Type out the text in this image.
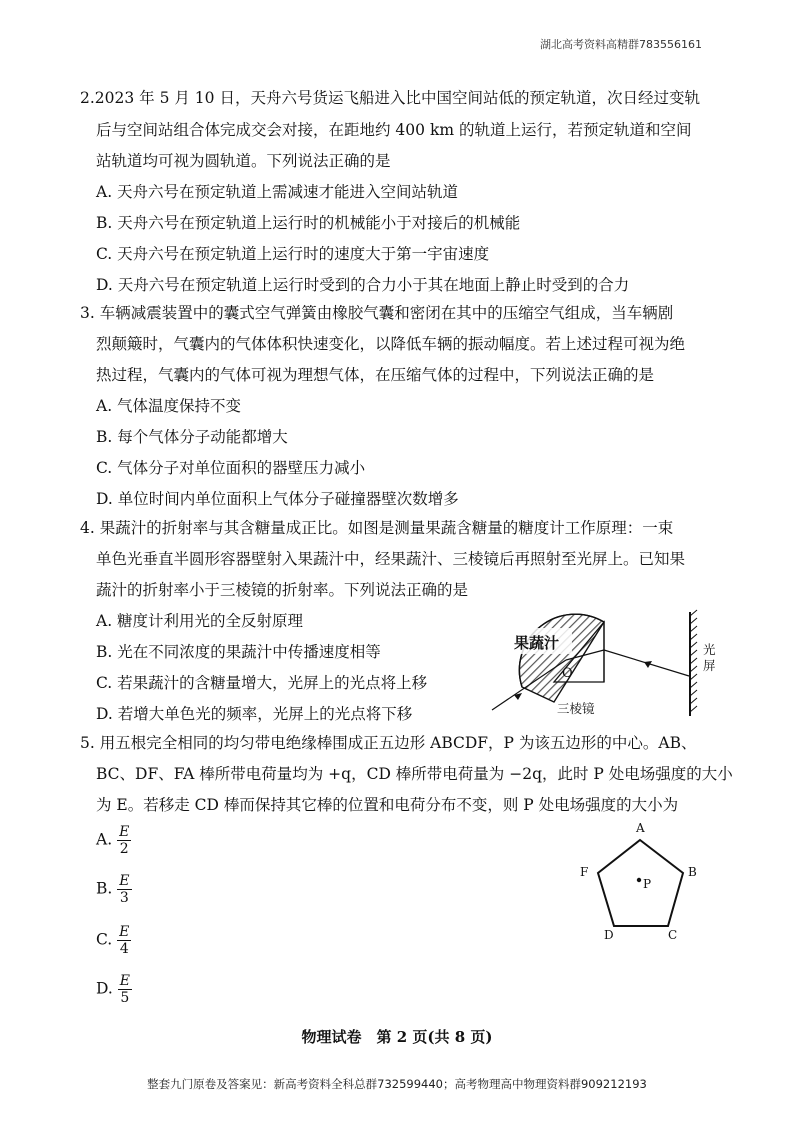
湖北高考资料高精群783556161
2.2023 年 5 月 10 日，天舟六号货运飞船进入比中国空间站低的预定轨道，次日经过变轨
后与空间站组合体完成交会对接，在距地约 400 km 的轨道上运行，若预定轨道和空间
站轨道均可视为圆轨道。下列说法正确的是
A. 天舟六号在预定轨道上需减速才能进入空间站轨道
B. 天舟六号在预定轨道上运行时的机械能小于对接后的机械能
C. 天舟六号在预定轨道上运行时的速度大于第一宇宙速度
D. 天舟六号在预定轨道上运行时受到的合力小于其在地面上静止时受到的合力
3. 车辆减震装置中的囊式空气弹簧由橡胶气囊和密闭在其中的压缩空气组成，当车辆剧
烈颠簸时，气囊内的气体体积快速变化，以降低车辆的振动幅度。若上述过程可视为绝
热过程，气囊内的气体可视为理想气体，在压缩气体的过程中，下列说法正确的是
A. 气体温度保持不变
B. 每个气体分子动能都增大
C. 气体分子对单位面积的器壁压力减小
D. 单位时间内单位面积上气体分子碰撞器壁次数增多
4. 果蔬汁的折射率与其含糖量成正比。如图是测量果蔬含糖量的糖度计工作原理：一束
单色光垂直半圆形容器壁射入果蔬汁中，经果蔬汁、三棱镜后再照射至光屏上。已知果
蔬汁的折射率小于三棱镜的折射率。下列说法正确的是
A. 糖度计利用光的全反射原理
B. 光在不同浓度的果蔬汁中传播速度相等
C. 若果蔬汁的含糖量增大，光屏上的光点将上移
D. 若增大单色光的频率，光屏上的光点将下移
果蔬汁
O
三棱镜
光屏
5. 用五根完全相同的均匀带电绝缘棒围成正五边形 ABCDF，P 为该五边形的中心。AB、
BC、DF、FA 棒所带电荷量均为 +q，CD 棒所带电荷量为 −2q，此时 P 处电场强度的大小
为 E。若移走 CD 棒而保持其它棒的位置和电荷分布不变，则 P 处电场强度的大小为
A. $\frac{E}{2}$
B. $\frac{E}{3}$
C. $\frac{E}{4}$
D. $\frac{E}{5}$
A
B
C
D
F
P
物理试卷　第 2 页(共 8 页)
整套九门原卷及答案见：新高考资料全科总群732599440；高考物理高中物理资料群909212193
